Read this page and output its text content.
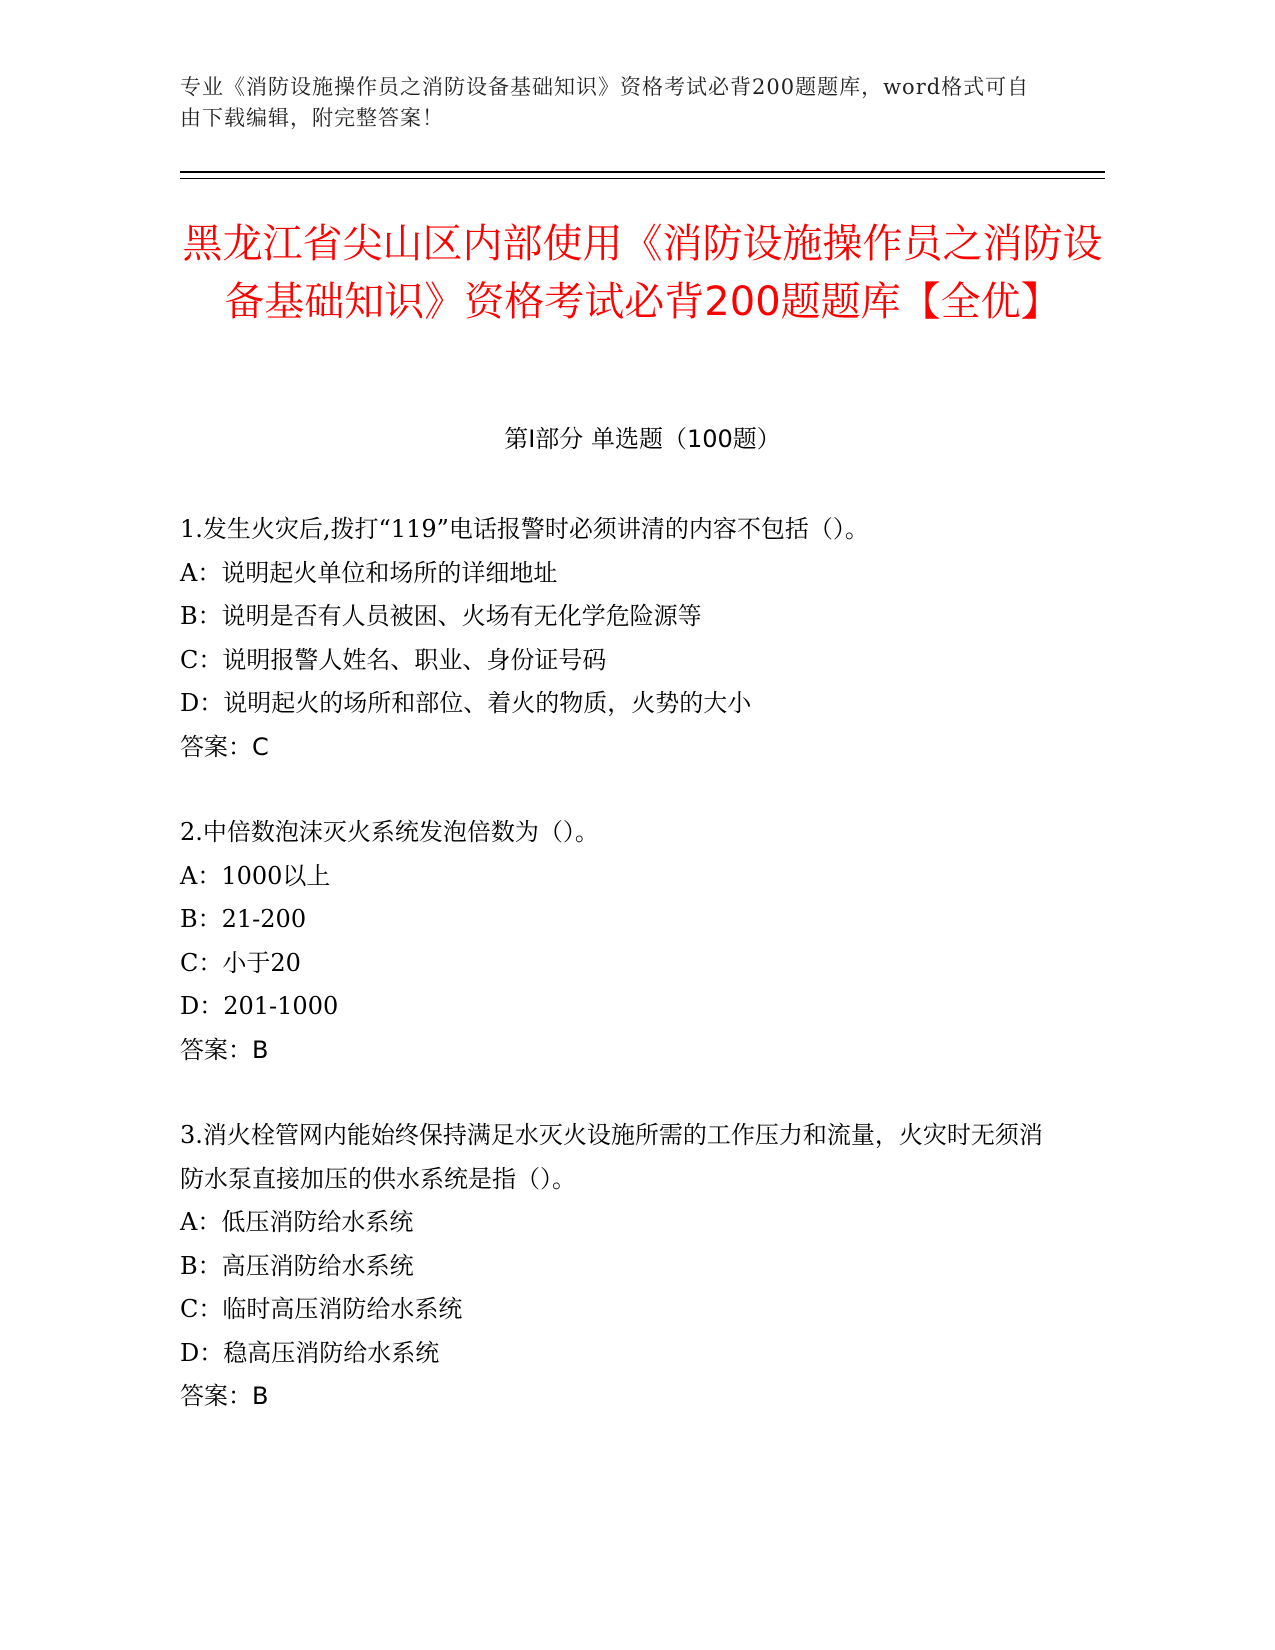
专业《消防设施操作员之消防设备基础知识》资格考试必背200题题库，word格式可自由下载编辑，附完整答案！
黑龙江省尖山区内部使用《消防设施操作员之消防设备基础知识》资格考试必背200题题库【全优】
第I部分 单选题（100题）

1.发生火灾后,拨打“119”电话报警时必须讲清的内容不包括（）。

A：说明起火单位和场所的详细地址

B：说明是否有人员被困、火场有无化学危险源等

C：说明报警人姓名、职业、身份证号码

D：说明起火的场所和部位、着火的物质，火势的大小

答案：C

2.中倍数泡沫灭火系统发泡倍数为（）。

A：1000以上

B：21-200

C：小于20

D：201-1000

答案：B

3.消火栓管网内能始终保持满足水灭火设施所需的工作压力和流量，火灾时无须消防水泵直接加压的供水系统是指（）。

A：低压消防给水系统

B：高压消防给水系统

C：临时高压消防给水系统

D：稳高压消防给水系统

答案：B
